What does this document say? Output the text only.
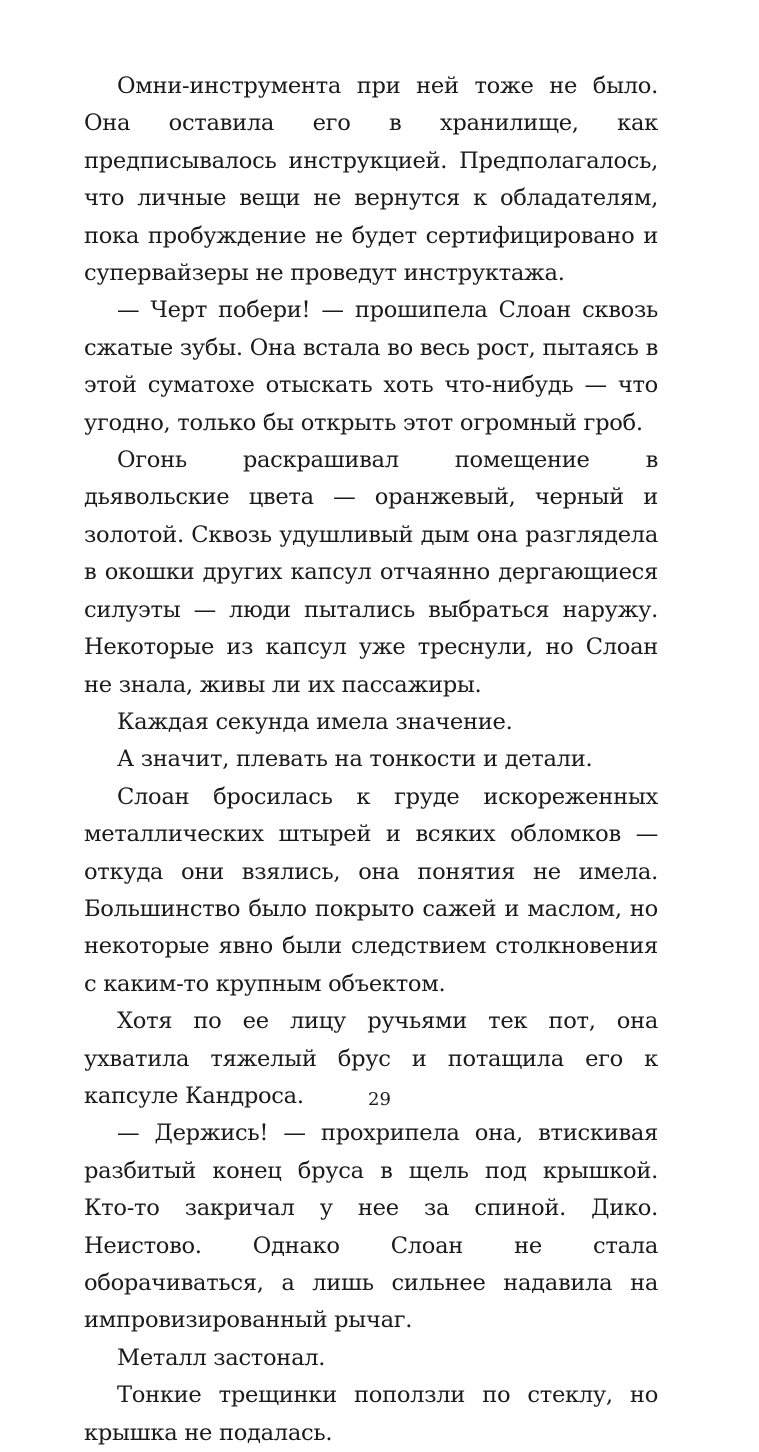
Омни-инструмента при ней тоже не было. Она оставила его в хранилище, как предписывалось инструкцией. Предполагалось, что личные вещи не вернутся к обладателям, пока пробуждение не будет сертифицировано и супервайзеры не проведут инструктажа.

— Черт побери! — прошипела Слоан сквозь сжатые зубы. Она встала во весь рост, пытаясь в этой суматохе отыскать хоть что-нибудь — что угодно, только бы открыть этот огромный гроб.

Огонь раскрашивал помещение в дьявольские цвета — оранжевый, черный и золотой. Сквозь удушливый дым она разглядела в окошки других капсул отчаянно дергающиеся силуэты — люди пытались выбраться наружу. Некоторые из капсул уже треснули, но Слоан не знала, живы ли их пассажиры.

Каждая секунда имела значение.

А значит, плевать на тонкости и детали.

Слоан бросилась к груде искореженных металлических штырей и всяких обломков — откуда они взялись, она понятия не имела. Большинство было покрыто сажей и маслом, но некоторые явно были следствием столкновения с каким-то крупным объектом.

Хотя по ее лицу ручьями тек пот, она ухватила тяжелый брус и потащила его к капсуле Кандроса.

— Держись! — прохрипела она, втискивая разбитый конец бруса в щель под крышкой. Кто-то закричал у нее за спиной. Дико. Неистово. Однако Слоан не стала оборачиваться, а лишь сильнее надавила на импровизированный рычаг.

Металл застонал.

Тонкие трещинки поползли по стеклу, но крышка не подалась.

29
